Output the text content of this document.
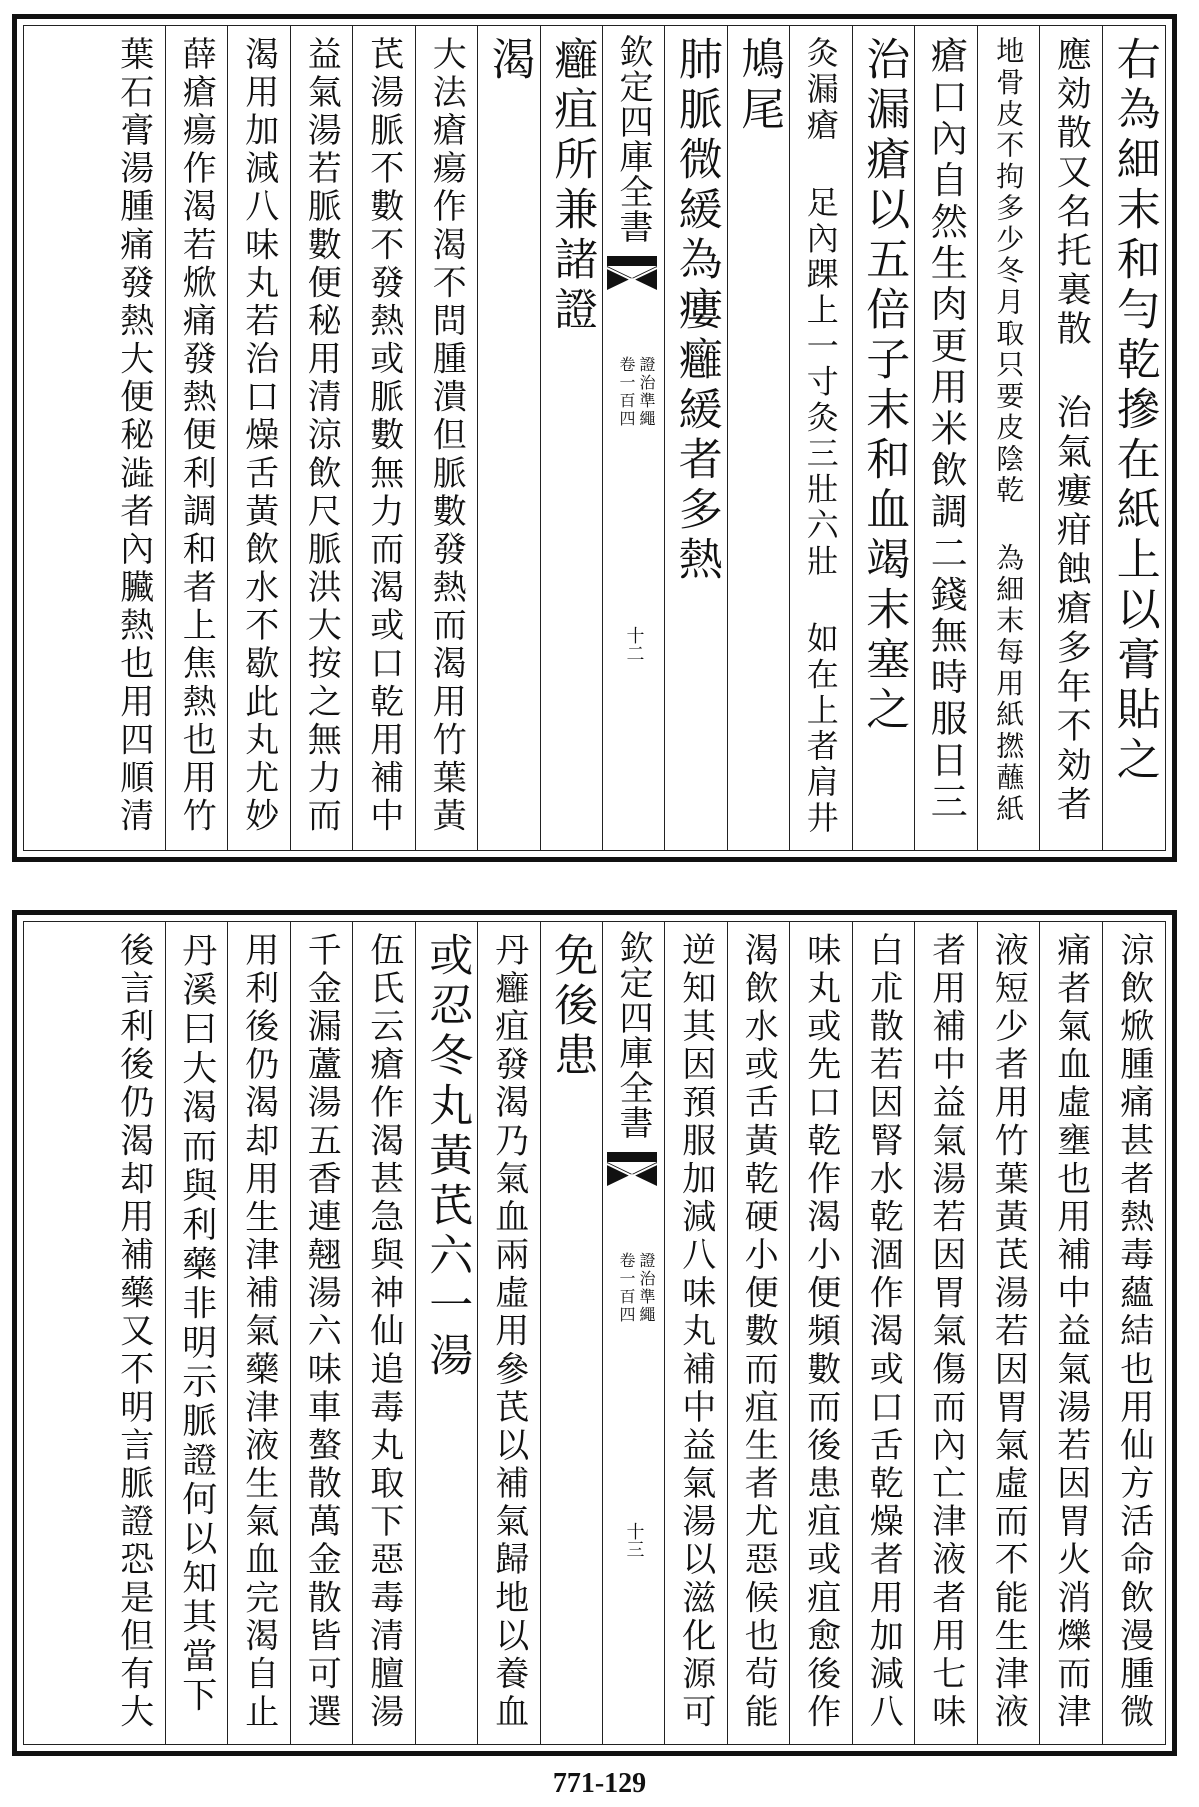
右為細末和勻乾摻在紙上以膏貼之
應効散又名托裏散 治氣瘻疳蝕瘡多年不効者
地骨皮不拘多少冬月取只要皮陰乾 為細末每用紙撚蘸紙
瘡口內自然生肉更用米飲調二錢無時服日三
治漏瘡以五倍子末和血竭末塞之
灸漏瘡 足內踝上一寸灸三壯六壯 如在上者肩井
鳩尾
肺脈微緩為瘻癰緩者多熱
欽定四庫全書
證治準繩
卷一百四
十二
癰疽所兼諸證
渴
大法瘡瘍作渴不問腫潰但脈數發熱而渴用竹葉黃
芪湯脈不數不發熱或脈數無力而渴或口乾用補中
益氣湯若脈數便秘用清涼飲尺脈洪大按之無力而
渴用加減八味丸若治口燥舌黃飲水不歇此丸尤妙
薛瘡瘍作渴若焮痛發熱便利調和者上焦熱也用竹
葉石膏湯腫痛發熱大便秘澁者內臟熱也用四順清
涼飲焮腫痛甚者熱毒蘊結也用仙方活命飲漫腫微
痛者氣血虛壅也用補中益氣湯若因胃火消爍而津
液短少者用竹葉黃芪湯若因胃氣虛而不能生津液
者用補中益氣湯若因胃氣傷而內亡津液者用七味
白朮散若因腎水乾涸作渴或口舌乾燥者用加減八
味丸或先口乾作渴小便頻數而後患疽或疽愈後作
渴飲水或舌黃乾硬小便數而疽生者尤惡候也茍能
逆知其因預服加減八味丸補中益氣湯以滋化源可
欽定四庫全書
證治準繩
卷一百四
十三
免後患
丹癰疽發渴乃氣血兩虛用參芪以補氣歸地以養血
或忍冬丸黃芪六一湯
伍氏云瘡作渴甚急與神仙追毒丸取下惡毒清膻湯
千金漏蘆湯五香連翹湯六味車螯散萬金散皆可選
用利後仍渴却用生津補氣藥津液生氣血完渴自止
丹溪曰大渴而與利藥非明示脈證何以知其當下
後言利後仍渴却用補藥又不明言脈證恐是但有大
771-129
